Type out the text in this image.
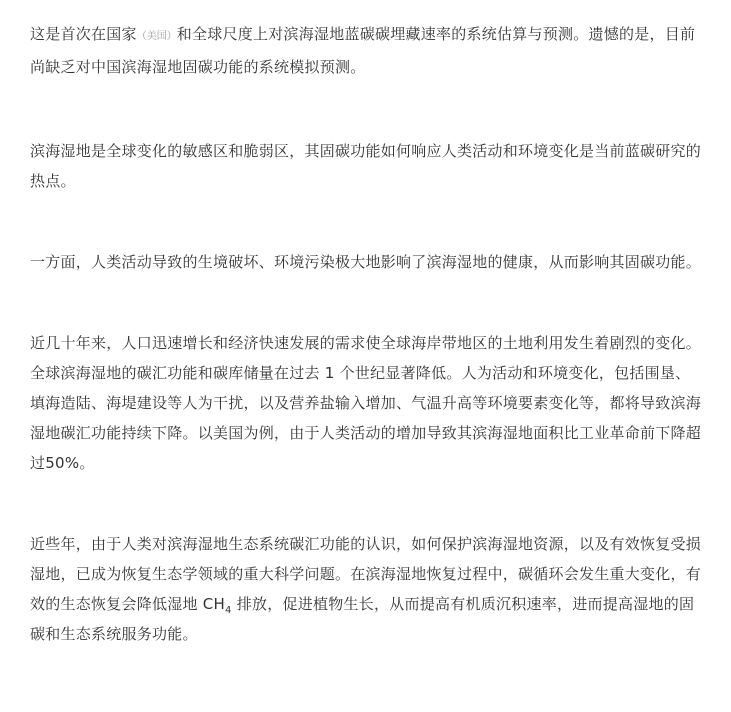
这是首次在国家（美国）和全球尺度上对滨海湿地蓝碳碳埋藏速率的系统估算与预测。遗憾的是，目前尚缺乏对中国滨海湿地固碳功能的系统模拟预测。

滨海湿地是全球变化的敏感区和脆弱区，其固碳功能如何响应人类活动和环境变化是当前蓝碳研究的热点。

一方面，人类活动导致的生境破坏、环境污染极大地影响了滨海湿地的健康，从而影响其固碳功能。

近几十年来，人口迅速增长和经济快速发展的需求使全球海岸带地区的土地利用发生着剧烈的变化。全球滨海湿地的碳汇功能和碳库储量在过去 1 个世纪显著降低。人为活动和环境变化，包括围垦、填海造陆、海堤建设等人为干扰，以及营养盐输入增加、气温升高等环境要素变化等，都将导致滨海湿地碳汇功能持续下降。以美国为例，由于人类活动的增加导致其滨海湿地面积比工业革命前下降超过50%。

近些年，由于人类对滨海湿地生态系统碳汇功能的认识，如何保护滨海湿地资源，以及有效恢复受损湿地，已成为恢复生态学领域的重大科学问题。在滨海湿地恢复过程中，碳循环会发生重大变化，有效的生态恢复会降低湿地 $CH_4$ 排放，促进植物生长，从而提高有机质沉积速率，进而提高湿地的固碳和生态系统服务功能。
